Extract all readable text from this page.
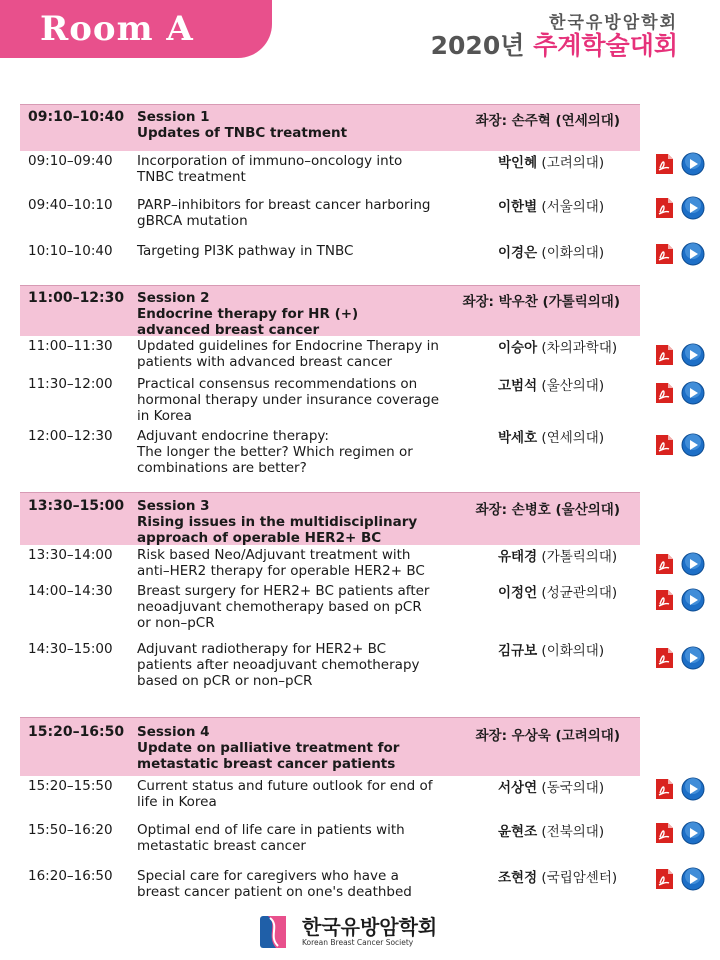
Room A	한국유방암학회
2020년 추계학술대회
09:10–10:40 Session 1
Updates of TNBC treatment
좌장: 손주혁 (연세의대)
09:10–09:40 Incorporation of immuno–oncology into
TNBC treatment
박인혜 (고려의대)
09:40–10:10 PARP–inhibitors for breast cancer harboring
gBRCA mutation
이한별 (서울의대)
10:10–10:40 Targeting PI3K pathway in TNBC	이경은 (이화의대)
11:00–12:30 Session 2
Endocrine therapy for HR (+)
advanced breast cancer
좌장: 박우찬 (가톨릭의대)
11:00–11:30 Updated guidelines for Endocrine Therapy in
patients with advanced breast cancer
이승아 (차의과학대)
11:30–12:00 Practical consensus recommendations on
hormonal therapy under insurance coverage
in Korea
고범석 (울산의대)
12:00–12:30 Adjuvant endocrine therapy:
The longer the better? Which regimen or
combinations are better?
박세호 (연세의대)
13:30–15:00 Session 3
Rising issues in the multidisciplinary
approach of operable HER2+ BC
좌장: 손병호 (울산의대)
13:30–14:00 Risk based Neo/Adjuvant treatment with
anti–HER2 therapy for operable HER2+ BC
유태경 (가톨릭의대)
14:00–14:30 Breast surgery for HER2+ BC patients after
neoadjuvant chemotherapy based on pCR
or non–pCR
이정언 (성균관의대)
14:30–15:00 Adjuvant radiotherapy for HER2+ BC
patients after neoadjuvant chemotherapy
based on pCR or non–pCR
김규보 (이화의대)
15:20–16:50 Session 4
Update on palliative treatment for
metastatic breast cancer patients
좌장: 우상욱 (고려의대)
15:20–15:50 Current status and future outlook for end of
life in Korea
서상연 (동국의대)
15:50–16:20 Optimal end of life care in patients with
metastatic breast cancer
윤현조 (전북의대)
16:20–16:50 Special care for caregivers who have a
breast cancer patient on one's deathbed
조현정 (국립암센터)
한국유방암학회
Korean Breast Cancer Society
